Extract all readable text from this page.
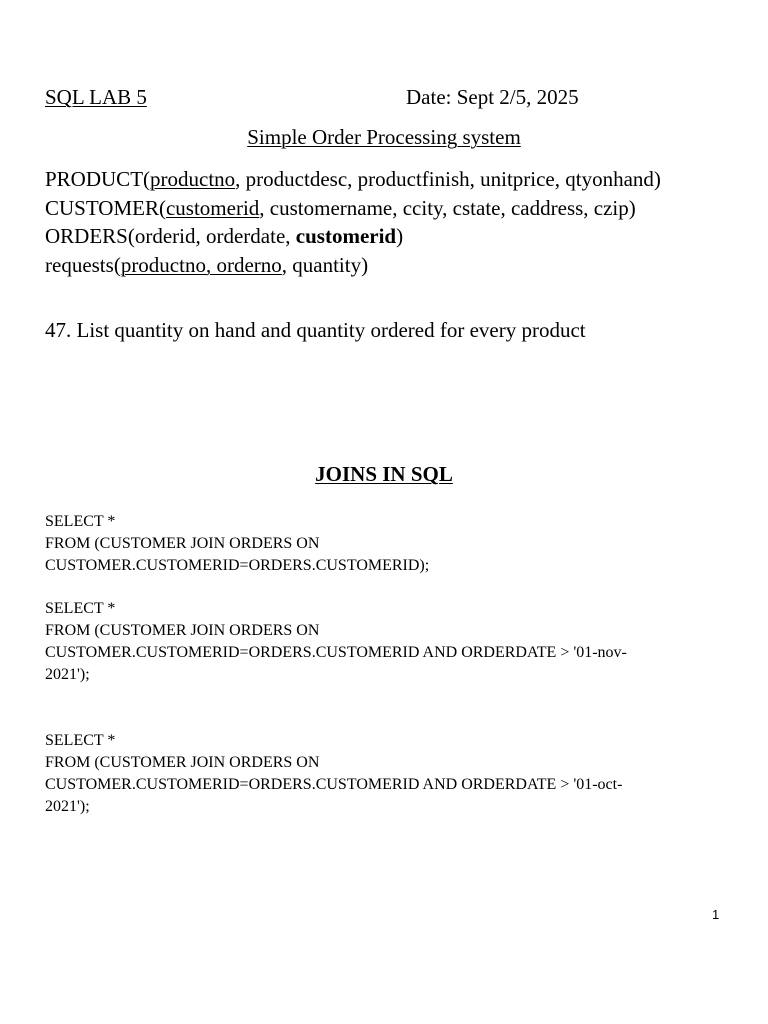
SQL LAB 5	Date: Sept 2/5, 2025
Simple Order Processing system
PRODUCT(productno, productdesc, productfinish, unitprice, qtyonhand)
CUSTOMER(customerid, customername, ccity, cstate, caddress, czip)
ORDERS(orderid, orderdate, customerid)
requests(productno, orderno, quantity)
47. List quantity on hand and quantity ordered for every product
JOINS IN SQL
SELECT *
FROM (CUSTOMER JOIN ORDERS ON
CUSTOMER.CUSTOMERID=ORDERS.CUSTOMERID);
SELECT *
FROM (CUSTOMER JOIN ORDERS ON
CUSTOMER.CUSTOMERID=ORDERS.CUSTOMERID AND ORDERDATE > '01-nov-
2021');
SELECT *
FROM (CUSTOMER JOIN ORDERS ON
CUSTOMER.CUSTOMERID=ORDERS.CUSTOMERID AND ORDERDATE > '01-oct-
2021');
1
